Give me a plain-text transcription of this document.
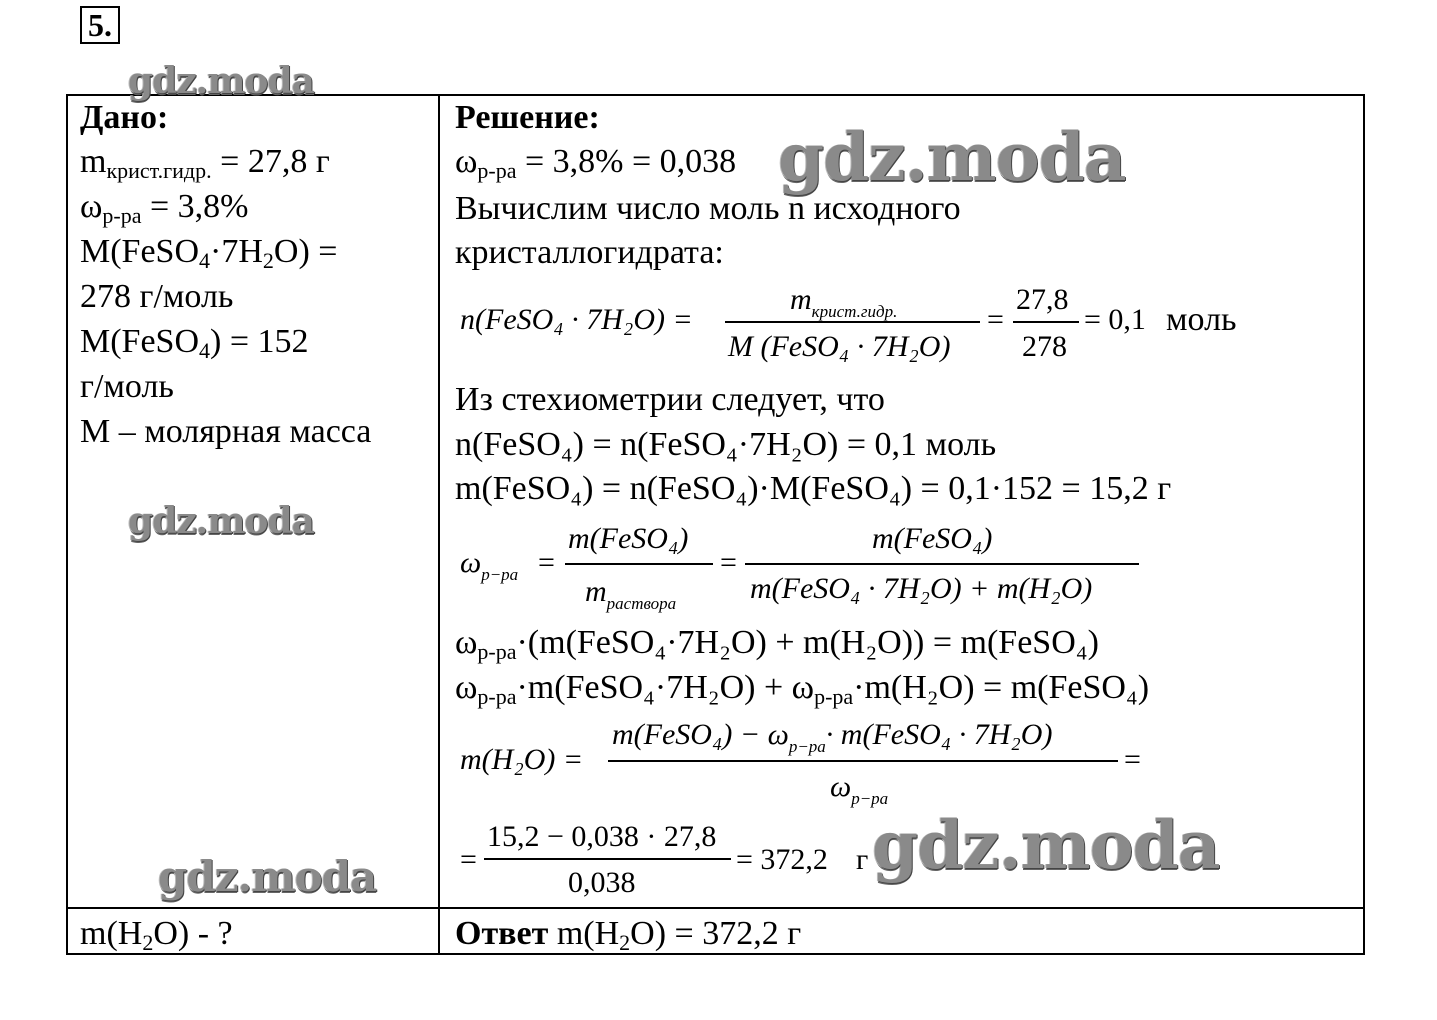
5.
gdz.moda
gdz.moda
gdz.moda
gdz.moda
gdz.moda
Дано:
$m_{крист.гидр.} = 27,8$ г
$\omega_{р-ра} = 3,8\%$
$M(FeSO_4\cdot 7H_2O)$ =
278 г/моль
M(FeSO$_4$) = 152
г/моль
M – молярная масса
$m(H_2O)$ - ?
Решение:
$\omega_{р-ра} = 3,8\% = 0,038$
Вычислим число моль n исходного
кристаллогидрата:
n(FeSO₄ · 7H₂O) =
$m_{крист.гидр.}$
M (FeSO₄ · 7H₂O)
=
27,8
278
= 0,1 моль
Из стехиометрии следует, что
n(FeSO₄) = n(FeSO₄·7H₂O) = 0,1 моль
m(FeSO₄) = n(FeSO₄)·M(FeSO₄) = 0,1·152 = 15,2 г
$\omega_{р-ра}$ =
m(FeSO₄)
$m_{раствора}$
=
m(FeSO₄)
m(FeSO₄ · 7H₂O) + m(H₂O)
$\omega_{р-ра}\cdot(m(FeSO_4\cdot 7H_2O) + m(H_2O))$ = m(FeSO₄)
$\omega_{р-ра}\cdot m(FeSO_4\cdot 7H_2O) + \omega_{р-ра}\cdot m(H_2O)$ = m(FeSO₄)
m(H₂O) =
m(FeSO₄) − $\omega_{р-ра}\cdot$ m(FeSO₄ · 7H₂O)
$\omega_{р-ра}$
=
=
15,2 − 0,038 · 27,8
0,038
= 372,2 г
Ответ $m(H_2O) = 372,2$ г
